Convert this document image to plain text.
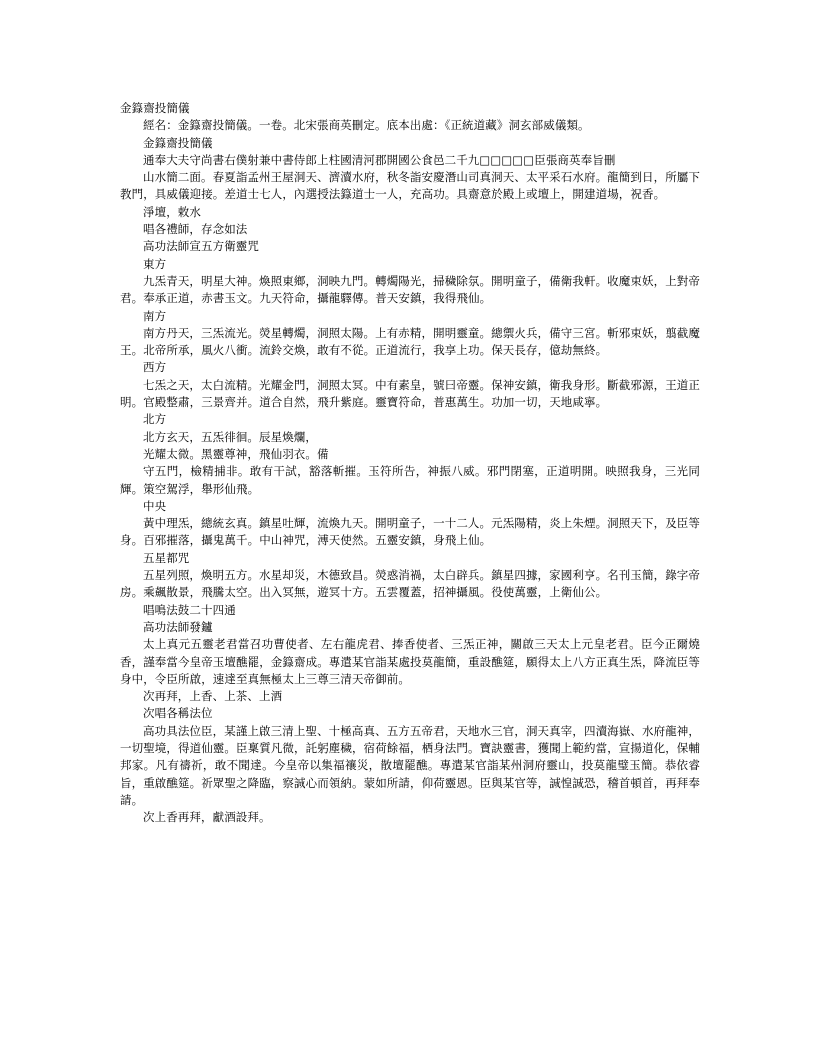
金籙齋投簡儀

經名：金籙齋投簡儀。一卷。北宋張商英刪定。底本出處：《正統道藏》洞玄部威儀類。

金籙齋投簡儀

通奉大夫守尚書右僕射兼中書侍郎上柱國清河郡開國公食邑二千九□□□□□臣張商英奉旨刪

山水簡二面。春夏詣孟州王屋洞天、濟瀆水府，秋冬詣安慶潛山司真洞天、太平采石水府。龍簡到日，所屬下教門，具威儀迎接。差道士七人，內選授法籙道士一人，充高功。具齋意於殿上或壇上，開建道場，祝香。

淨壇，敕水

唱各禮師，存念如法

高功法師宣五方衛靈咒

東方

九炁青天，明星大神。煥照東鄉，洞映九門。轉燭陽光，掃穢除氛。開明童子，備衛我軒。收魔束妖，上對帝君。奉承正道，赤書玉文。九天符命，攝龍驛傳。普天安鎮，我得飛仙。

南方

南方丹天，三炁流光。熒星轉燭，洞照太陽。上有赤精，開明靈童。總禦火兵，備守三宮。斬邪束妖，翦截魔王。北帝所承，風火八衝。流鈴交煥，敢有不從。正道流行，我享上功。保天長存，億劫無終。

西方

七炁之天，太白流精。光耀金門，洞照太冥。中有素皇，號曰帝靈。保神安鎮，衛我身形。斷截邪源，王道正明。官殿整肅，三景齊并。道合自然，飛升紫庭。靈寶符命，普惠萬生。功加一切，天地咸寧。

北方

北方玄天，五炁徘徊。辰星煥爛，

光耀太微。黑靈尊神，飛仙羽衣。備

守五門，檢精捕非。敢有干試，豁落斬摧。玉符所告，神振八威。邪門閉塞，正道明開。映照我身，三光同輝。策空駕浮，舉形仙飛。

中央

黃中理炁，總統玄真。鎮星吐輝，流煥九天。開明童子，一十二人。元炁陽精，炎上朱煙。洞照天下，及臣等身。百邪摧落，攝鬼萬千。中山神咒，溥天使然。五靈安鎮，身飛上仙。

五星都咒

五星列照，煥明五方。水星却災，木德致昌。熒惑消禍，太白辟兵。鎮星四據，家國利亨。名刊玉簡，錄字帝房。乘飆散景，飛騰太空。出入冥無，遊冥十方。五雲覆蓋，招神攝風。役使萬靈，上衛仙公。

唱鳴法鼓二十四通

高功法師發鑪

太上真元五靈老君當召功曹使者、左右龍虎君、捧香使者、三炁正神，關啟三天太上元皇老君。臣今正爾燒香，謹奉當今皇帝玉壇醮罷，金籙齋成。專遣某官詣某處投莫龍簡，重設醮筵，願得太上八方正真生炁，降流臣等身中，令臣所啟，速達至真無極太上三尊三清天帝御前。

次再拜，上香、上茶、上酒

次唱各稱法位

高功具法位臣，某謹上啟三清上聖、十極高真、五方五帝君，天地水三官，洞天真宰，四瀆海嶽、水府龍神，一切聖境，得道仙靈。臣稟質凡微，託躬塵穢，宿荷餘福，栖身法門。寶訣靈書，獲聞上範約當，宣揚道化，保輔邦家。凡有禱祈，敢不聞達。今皇帝以集福禳災，散壇罷醮。專遣某官詣某州洞府靈山，投莫龍璧玉簡。恭依睿旨，重啟醮筵。祈眾聖之降臨，察誠心而領納。蒙如所請，仰荷靈恩。臣與某官等，誠惶誠恐，稽首頓首，再拜奉請。

次上香再拜，獻酒設拜。
